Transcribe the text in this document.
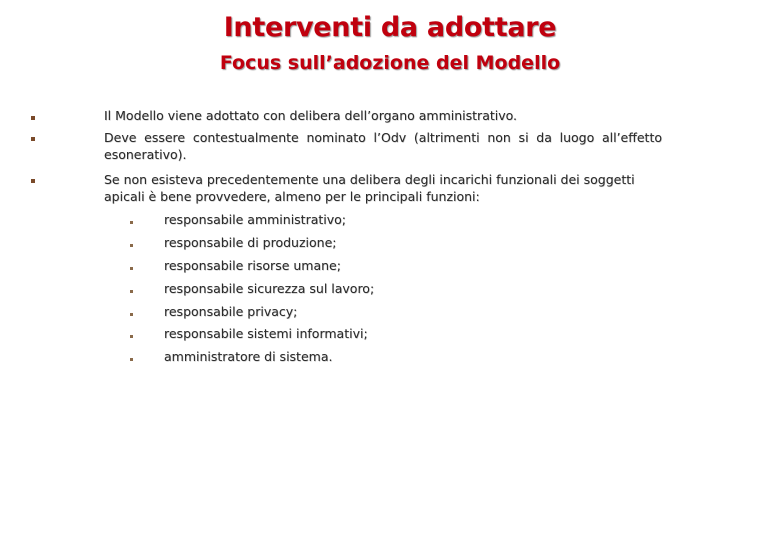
Interventi da adottare
Focus sull’adozione del Modello
Il Modello viene adottato con delibera dell’organo amministrativo.
Deve essere contestualmente nominato l’Odv (altrimenti non si da luogo all’effetto esonerativo).
Se non esisteva precedentemente una delibera degli incarichi funzionali dei soggetti apicali è bene provvedere, almeno per le principali funzioni:
responsabile amministrativo;
responsabile di produzione;
responsabile risorse umane;
responsabile sicurezza sul lavoro;
responsabile privacy;
responsabile sistemi informativi;
amministratore di sistema.
